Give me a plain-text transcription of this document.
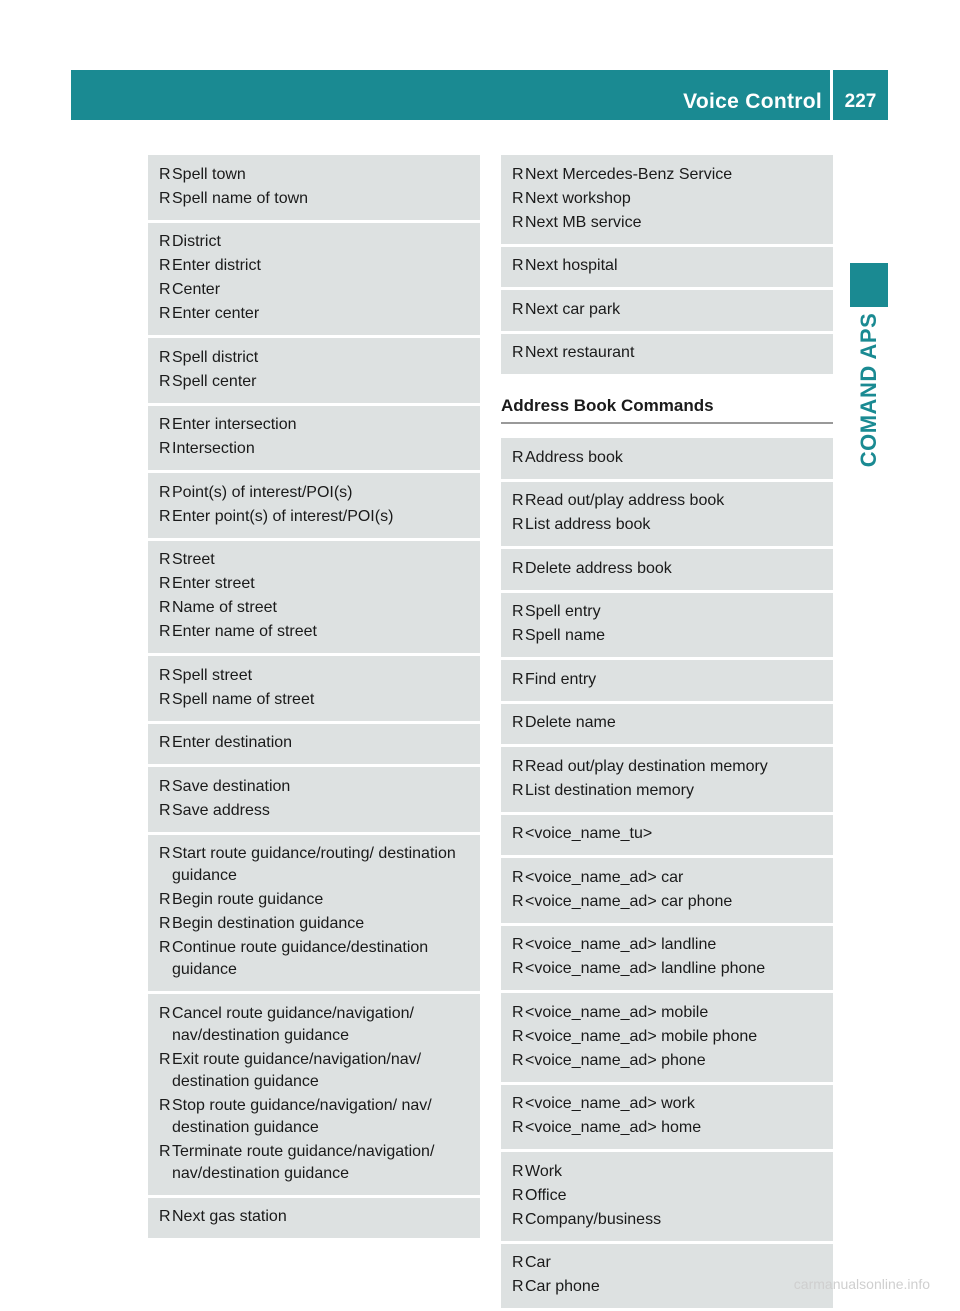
Voice Control	227
COMAND APS
R Spell town
R Spell name of town
R District
R Enter district
R Center
R Enter center
R Spell district
R Spell center
R Enter intersection
R Intersection
R Point(s) of interest/POI(s)
R Enter point(s) of interest/POI(s)
R Street
R Enter street
R Name of street
R Enter name of street
R Spell street
R Spell name of street
R Enter destination
R Save destination
R Save address
R Start route guidance/routing/ destination guidance
R Begin route guidance
R Begin destination guidance
R Continue route guidance/destination guidance
R Cancel route guidance/navigation/ nav/destination guidance
R Exit route guidance/navigation/nav/ destination guidance
R Stop route guidance/navigation/ nav/ destination guidance
R Terminate route guidance/navigation/ nav/destination guidance
R Next gas station
R Next Mercedes-Benz Service
R Next workshop
R Next MB service
R Next hospital
R Next car park
R Next restaurant
Address Book Commands
R Address book
R Read out/play address book
R List address book
R Delete address book
R Spell entry
R Spell name
R Find entry
R Delete name
R Read out/play destination memory
R List destination memory
R <voice_name_tu>
R <voice_name_ad> car
R <voice_name_ad> car phone
R <voice_name_ad> landline
R <voice_name_ad> landline phone
R <voice_name_ad> mobile
R <voice_name_ad> mobile phone
R <voice_name_ad> phone
R <voice_name_ad> work
R <voice_name_ad> home
R Work
R Office
R Company/business
R Car
R Car phone	carmanualsonline.info
